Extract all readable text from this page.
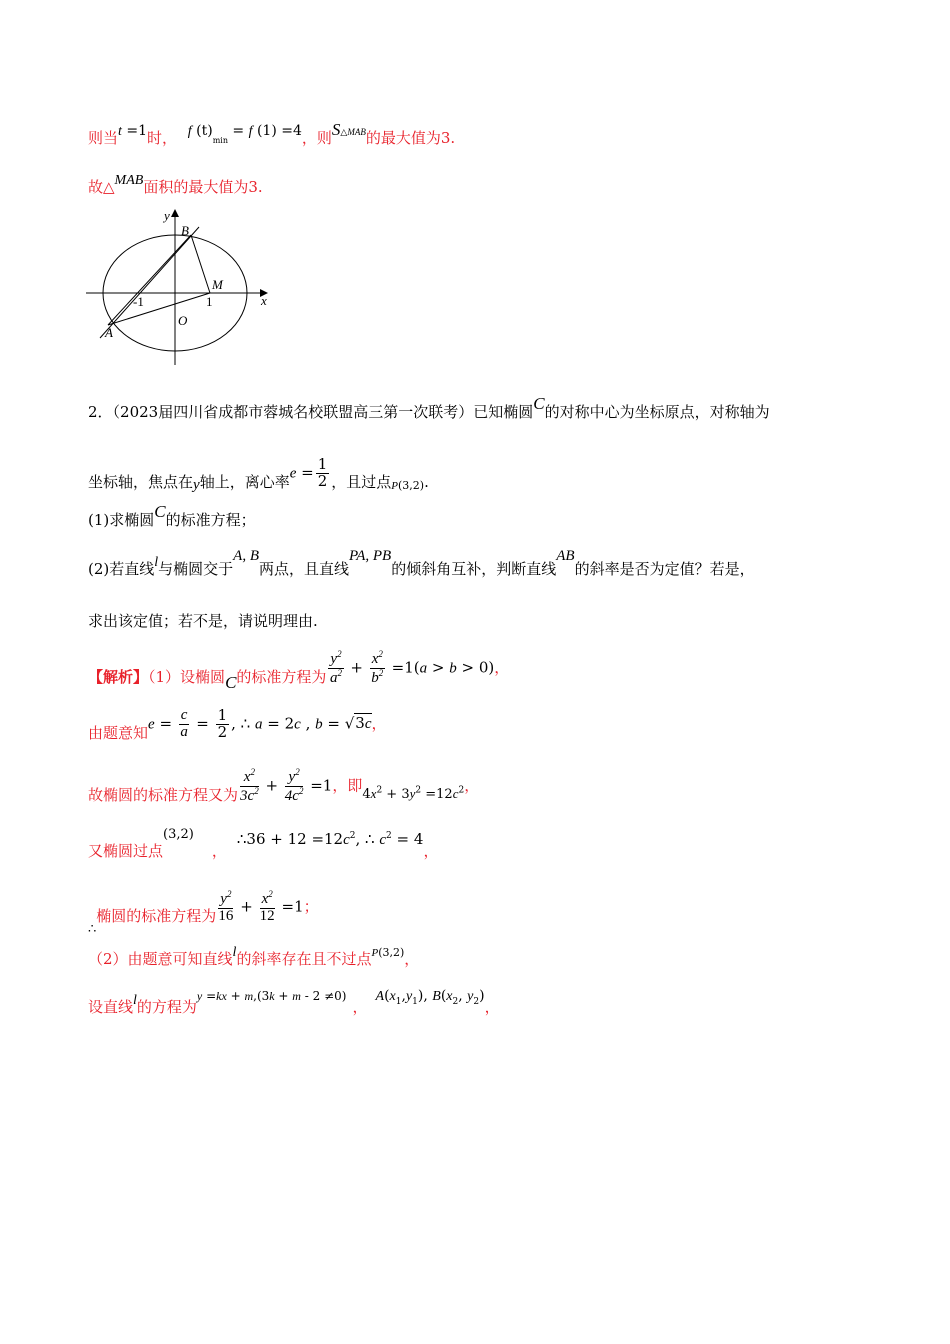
则当t =1时， f (t)min = f (1) =4，则$S^{\triangle MAB}$的最大值为3.
故△MAB面积的最大值为3.
y
x
B
M
A
O
-1	1
2．（2023届四川省成都市蓉城名校联盟高三第一次联考）已知椭圆C的对称中心为坐标原点，对称轴为
坐标轴，焦点在y轴上，离心率$e = \frac{1}{2}$ ，且过点$_{P(3,2)}$.
(1)求椭圆C的标准方程；
(2)若直线l与椭圆交于A, B两点，且直线PA, PB的倾斜角互补，判断直线AB的斜率是否为定值？若是，
求出该定值；若不是，请说明理由.
【解析】（1）设椭圆C的标准方程为 $\frac{y^2}{a^2} + \frac{x^2}{b^2} =1(a > b > 0)$，
由题意知$e = \frac{c}{a} = \frac{1}{2}$ , ∴ a = 2c , b = √3c，
故椭圆的标准方程又为 $\frac{x^2}{3c^2} + \frac{y^2}{4c^2} =1$，即$4x^2 + 3y^2 =12c^2$，
又椭圆过点(3,2)，∴36 + $12 =12c^2$, ∴ $c^2 = 4$，
∴椭圆的标准方程为 $\frac{y^2}{16} + \frac{x^2}{12} =1$；
（2）由题意可知直线l的斜率存在且不过点$^{P(3,2)}$，
设直线l的方程为$^{y =kx + m,(3k + m - 2 \ne 0)}$，$A(x_1,y_1)$, $B(x_2$, $y_2$)，
